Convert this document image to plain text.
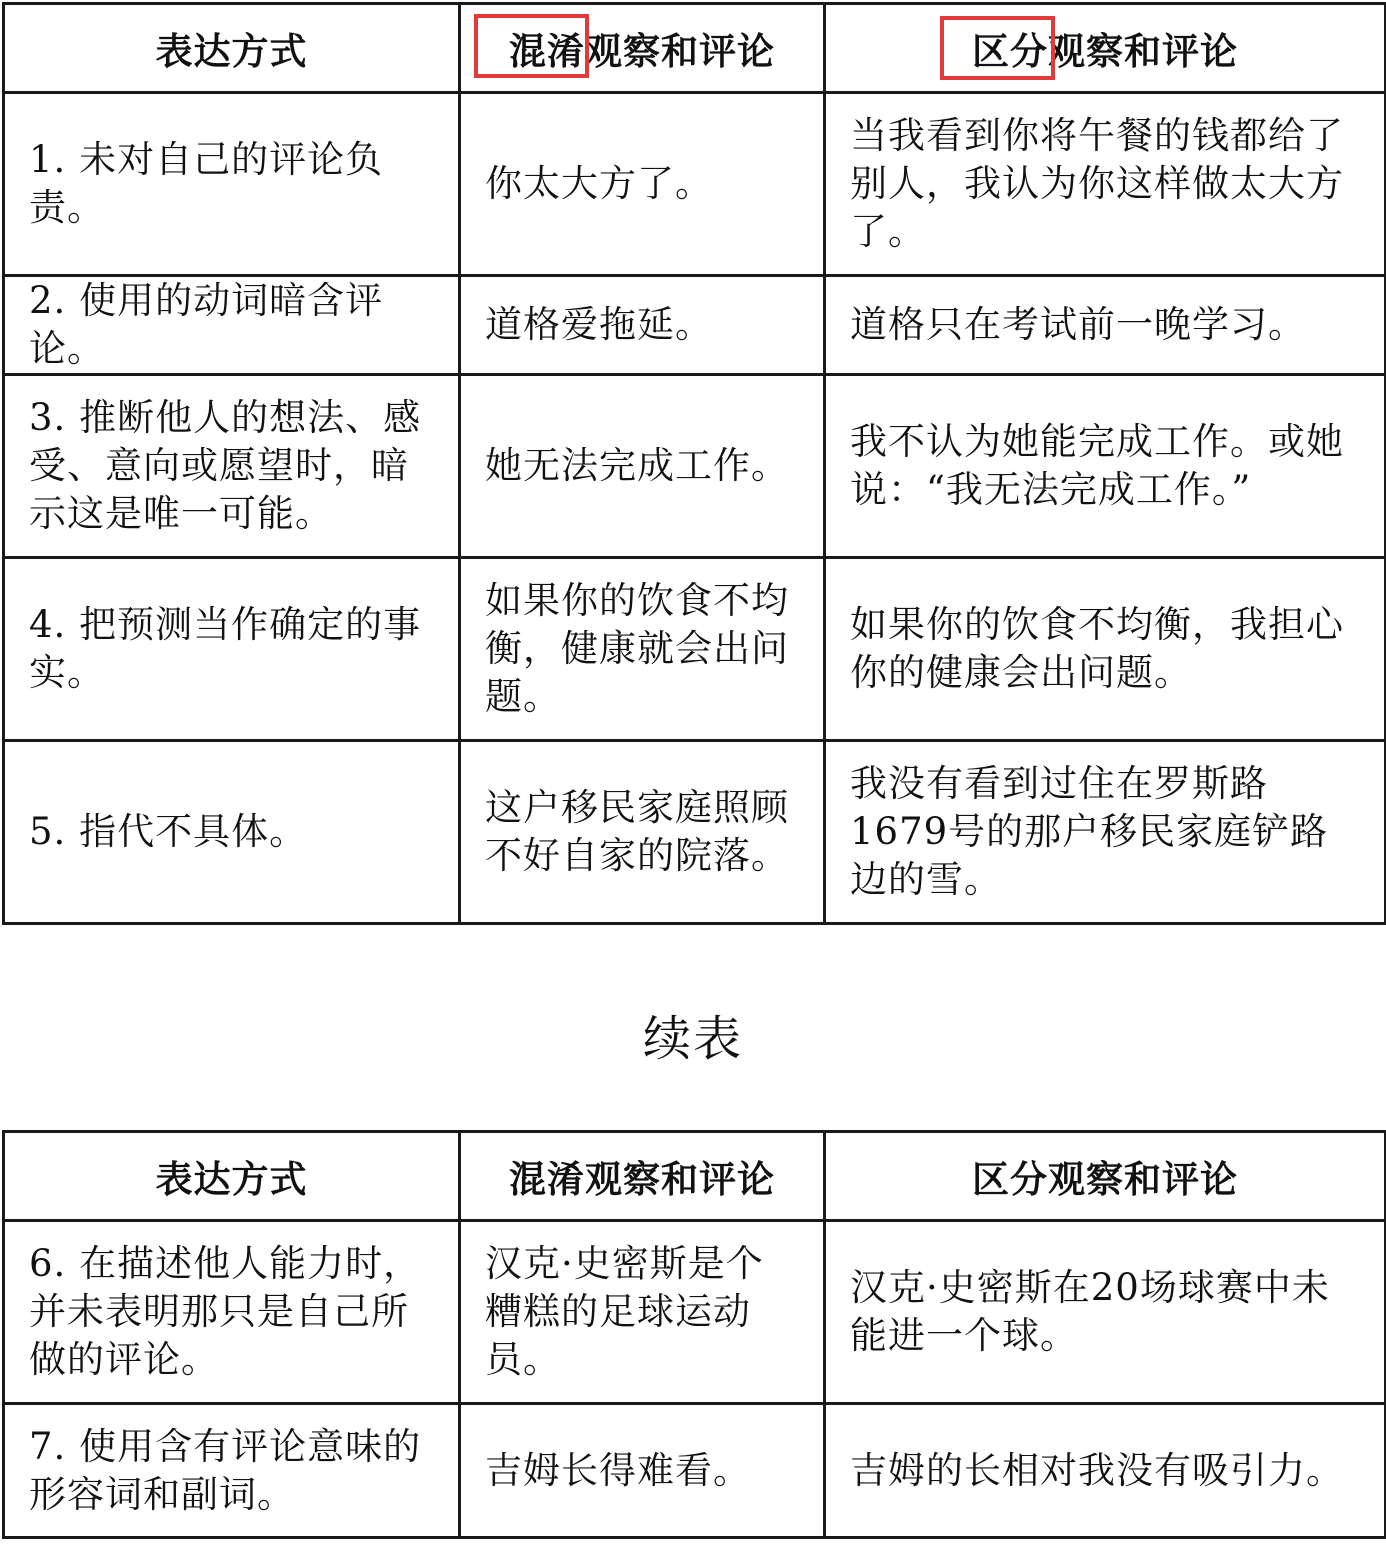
表达方式	混淆观察和评论	区分观察和评论
1. 未对自己的评论负责。	你太大方了。	当我看到你将午餐的钱都给了别人，我认为你这样做太大方了。
2. 使用的动词暗含评论。	道格爱拖延。	道格只在考试前一晚学习。
3. 推断他人的想法、感受、意向或愿望时，暗示这是唯一可能。	她无法完成工作。	我不认为她能完成工作。或她说：“我无法完成工作。”
4. 把预测当作确定的事实。	如果你的饮食不均衡，健康就会出问题。	如果你的饮食不均衡，我担心你的健康会出问题。
5. 指代不具体。	这户移民家庭照顾不好自家的院落。	我没有看到过住在罗斯路1679号的那户移民家庭铲路边的雪。
续表
表达方式	混淆观察和评论	区分观察和评论
6. 在描述他人能力时，并未表明那只是自己所做的评论。	汉克·史密斯是个糟糕的足球运动员。	汉克·史密斯在20场球赛中未能进一个球。
7. 使用含有评论意味的形容词和副词。	吉姆长得难看。	吉姆的长相对我没有吸引力。
